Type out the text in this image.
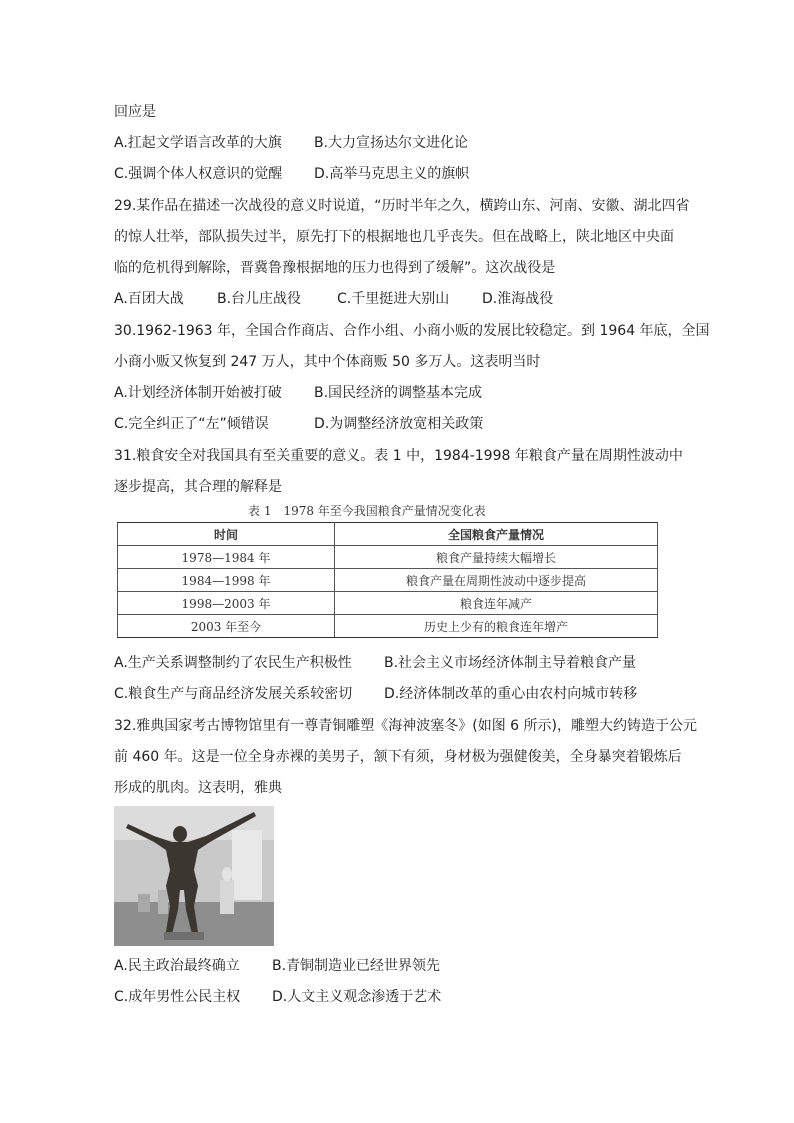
回应是
A.扛起文学语言改革的大旗 B.大力宣扬达尔文进化论
C.强调个体人权意识的觉醒 D.高举马克思主义的旗帜
29.某作品在描述一次战役的意义时说道，“历时半年之久，横跨山东、河南、安徽、湖北四省
的惊人壮举，部队损失过半，原先打下的根据地也几乎丧失。但在战略上，陕北地区中央面
临的危机得到解除，晋冀鲁豫根据地的压力也得到了缓解”。这次战役是
A.百团大战 B.台儿庄战役	C.千里挺进大别山 D.淮海战役
30.1962-1963 年，全国合作商店、合作小组、小商小贩的发展比较稳定。到 1964 年底，全国
小商小贩又恢复到 247 万人，其中个体商贩 50 多万人。这表明当时
A.计划经济体制开始被打破 B.国民经济的调整基本完成
C.完全纠正了“左”倾错误	D.为调整经济放宽相关政策
31.粮食安全对我国具有至关重要的意义。表 1 中，1984-1998 年粮食产量在周期性波动中
逐步提高，其合理的解释是
表 1　1978 年至今我国粮食产量情况变化表
时间	全国粮食产量情况
1978—1984 年	粮食产量持续大幅增长
1984—1998 年	粮食产量在周期性波动中逐步提高
1998—2003 年	粮食连年减产
2003 年至今	历史上少有的粮食连年增产
A.生产关系调整制约了农民生产积极性 B.社会主义市场经济体制主导着粮食产量
C.粮食生产与商品经济发展关系较密切 D.经济体制改革的重心由农村向城市转移
32.雅典国家考古博物馆里有一尊青铜雕塑《海神波塞冬》(如图 6 所示)，雕塑大约铸造于公元
前 460 年。这是一位全身赤裸的美男子，颔下有须，身材极为强健俊美，全身暴突着锻炼后
形成的肌肉。这表明，雅典
A.民主政治最终确立 B.青铜制造业已经世界领先
C.成年男性公民主权 D.人文主义观念渗透于艺术
